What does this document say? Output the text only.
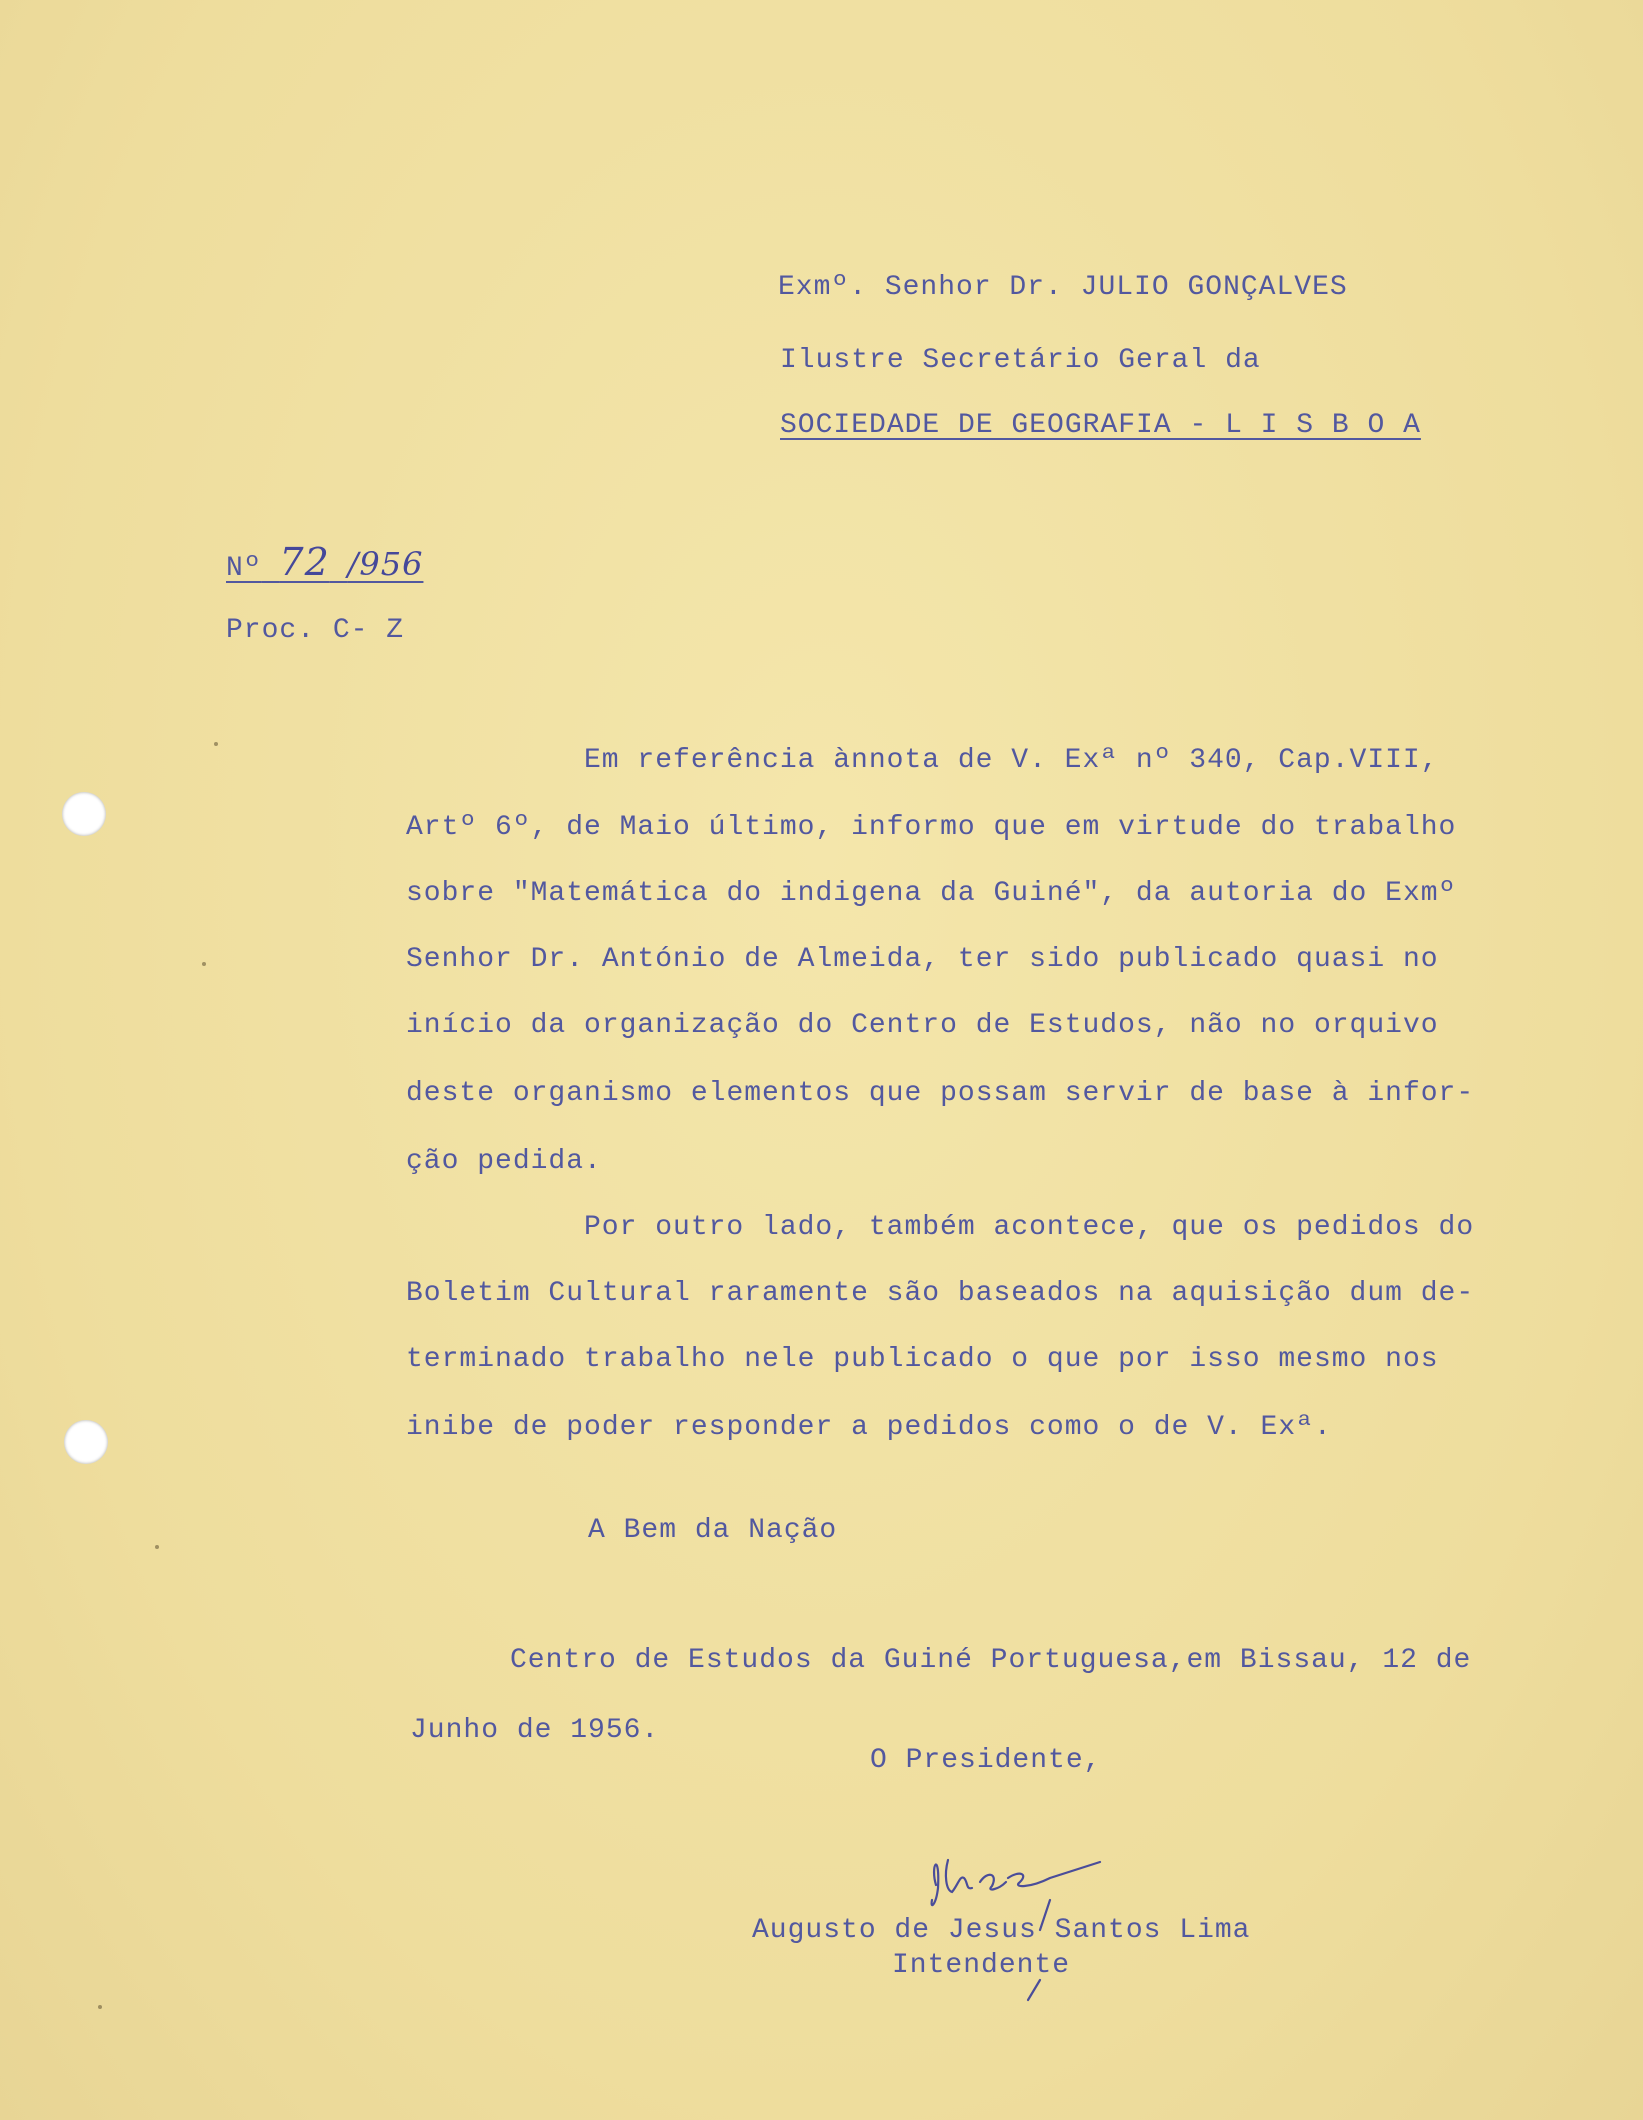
Exmº. Senhor Dr. JULIO GONÇALVES
Ilustre Secretário Geral da
SOCIEDADE DE GEOGRAFIA - L I S B O A
Nº 72 /956
Proc. C- Z
Em referência ànnota de V. Exª nº 340, Cap.VIII,
Artº 6º, de Maio último, informo que em virtude do trabalho
sobre "Matemática do indigena da Guiné", da autoria do Exmº
Senhor Dr. António de Almeida, ter sido publicado quasi no
início da organização do Centro de Estudos, não no orquivo
deste organismo elementos que possam servir de base à infor-
ção pedida.
Por outro lado, também acontece, que os pedidos do
Boletim Cultural raramente são baseados na aquisição dum de-
terminado trabalho nele publicado o que por isso mesmo nos
inibe de poder responder a pedidos como o de V. Exª.
A Bem da Nação
Centro de Estudos da Guiné Portuguesa,em Bissau, 12 de
Junho de 1956.
O Presidente,
Augusto de Jesus Santos Lima
Intendente
